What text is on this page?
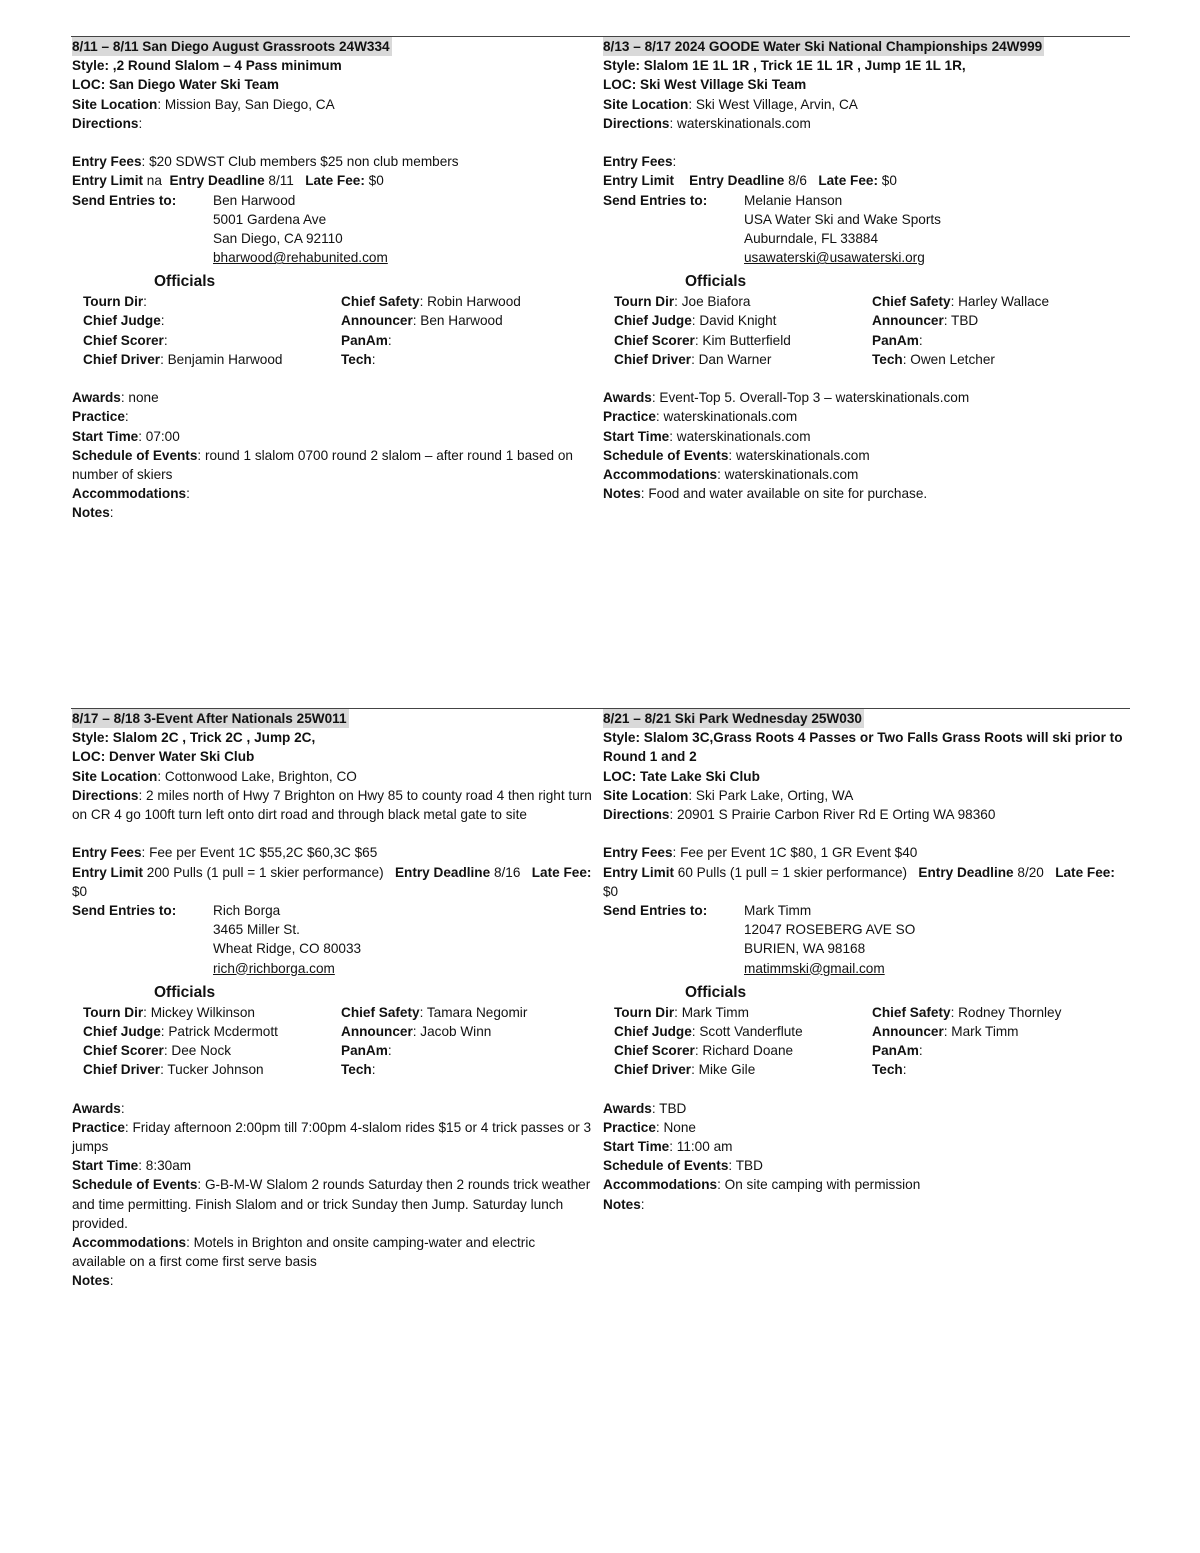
8/11 – 8/11 San Diego August Grassroots 24W334
Style: ,2 Round Slalom – 4 Pass minimum
LOC: San Diego Water Ski Team
Site Location: Mission Bay, San Diego, CA
Directions:
Entry Fees: $20 SDWST Club members $25 non club members
Entry Limit na  Entry Deadline 8/11   Late Fee: $0
Send Entries to:	Ben Harwood
5001 Gardena Ave
San Diego, CA 92110
bharwood@rehabunited.com
Officials
Tourn Dir:	Chief Safety: Robin Harwood
Chief Judge:	Announcer: Ben Harwood
Chief Scorer:	PanAm:
Chief Driver: Benjamin Harwood	Tech:
Awards: none
Practice:
Start Time: 07:00
Schedule of Events: round 1 slalom 0700 round 2 slalom – after round 1 based on number of skiers
Accommodations:
Notes:
8/13 – 8/17 2024 GOODE Water Ski National Championships 24W999
Style: Slalom 1E 1L 1R , Trick 1E 1L 1R , Jump 1E 1L 1R,
LOC: Ski West Village Ski Team
Site Location: Ski West Village, Arvin, CA
Directions: waterskinationals.com
Entry Fees:
Entry Limit Entry Deadline 8/6   Late Fee: $0
Send Entries to:	Melanie Hanson
USA Water Ski and Wake Sports
Auburndale, FL 33884
usawaterski@usawaterski.org
Officials
Tourn Dir: Joe Biafora	Chief Safety: Harley Wallace
Chief Judge: David Knight	Announcer: TBD
Chief Scorer: Kim Butterfield	PanAm:
Chief Driver: Dan Warner	Tech: Owen Letcher
Awards: Event-Top 5. Overall-Top 3 – waterskinationals.com
Practice: waterskinationals.com
Start Time: waterskinationals.com
Schedule of Events: waterskinationals.com
Accommodations: waterskinationals.com
Notes: Food and water available on site for purchase.
8/17 – 8/18 3-Event After Nationals 25W011
Style: Slalom 2C , Trick 2C , Jump 2C,
LOC: Denver Water Ski Club
Site Location: Cottonwood Lake, Brighton, CO
Directions: 2 miles north of Hwy 7 Brighton on Hwy 85 to county road 4 then right turn on CR 4 go 100ft turn left onto dirt road and through black metal gate to site
Entry Fees: Fee per Event 1C $55,2C $60,3C $65
Entry Limit 200 Pulls (1 pull = 1 skier performance)   Entry Deadline 8/16   Late Fee: $0
Send Entries to:	Rich Borga
3465 Miller St.
Wheat Ridge, CO 80033
rich@richborga.com
Officials
Tourn Dir: Mickey Wilkinson	Chief Safety: Tamara Negomir
Chief Judge: Patrick Mcdermott	Announcer: Jacob Winn
Chief Scorer: Dee Nock	PanAm:
Chief Driver: Tucker Johnson	Tech:
Awards:
Practice: Friday afternoon 2:00pm till 7:00pm 4-slalom rides $15 or 4 trick passes or 3 jumps
Start Time: 8:30am
Schedule of Events: G-B-M-W Slalom 2 rounds Saturday then 2 rounds trick weather and time permitting. Finish Slalom and or trick Sunday then Jump. Saturday lunch provided.
Accommodations: Motels in Brighton and onsite camping-water and electric available on a first come first serve basis
Notes:
8/21 – 8/21 Ski Park Wednesday 25W030
Style: Slalom 3C,Grass Roots 4 Passes or Two Falls Grass Roots will ski prior to Round 1 and 2
LOC: Tate Lake Ski Club
Site Location: Ski Park Lake, Orting, WA
Directions: 20901 S Prairie Carbon River Rd E Orting WA 98360
Entry Fees: Fee per Event 1C $80, 1 GR Event $40
Entry Limit 60 Pulls (1 pull = 1 skier performance)   Entry Deadline 8/20   Late Fee: $0
Send Entries to:	Mark Timm
12047 ROSEBERG AVE SO
BURIEN, WA 98168
matimmski@gmail.com
Officials
Tourn Dir: Mark Timm	Chief Safety: Rodney Thornley
Chief Judge: Scott Vanderflute	Announcer: Mark Timm
Chief Scorer: Richard Doane	PanAm:
Chief Driver: Mike Gile	Tech:
Awards: TBD
Practice: None
Start Time: 11:00 am
Schedule of Events: TBD
Accommodations: On site camping with permission
Notes:
